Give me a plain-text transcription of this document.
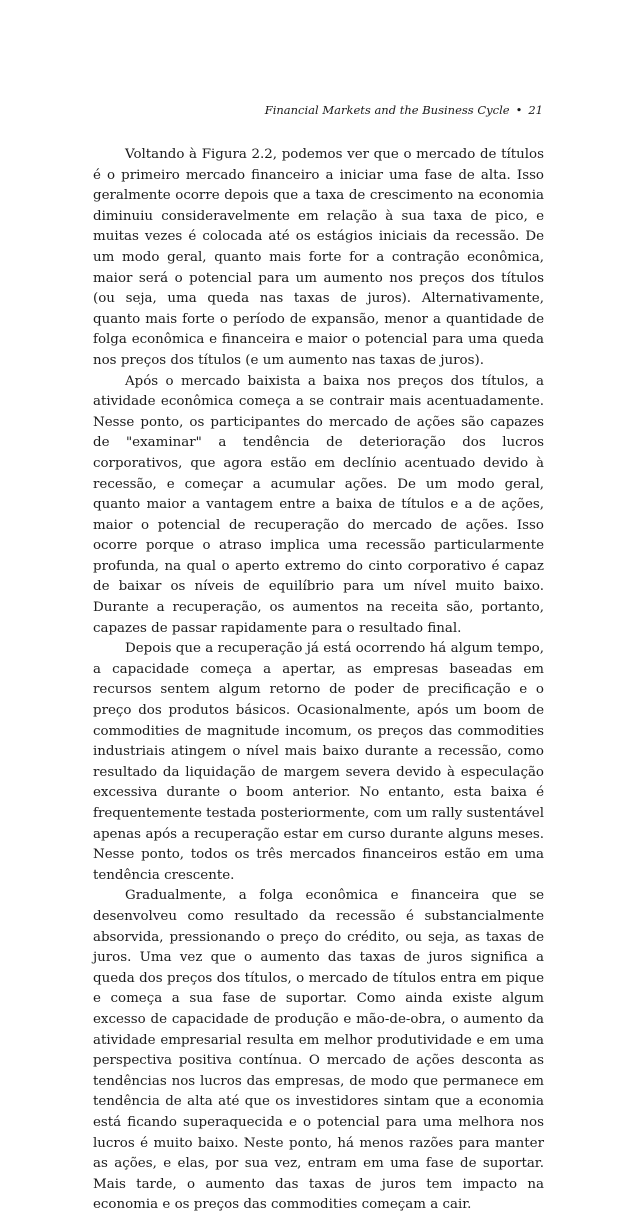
Financial Markets and the Business Cycle • 21

Voltando à Figura 2.2, podemos ver que o mercado de títulos é o primeiro mercado financeiro a iniciar uma fase de alta. Isso geralmente ocorre depois que a taxa de crescimento na economia diminuiu consideravelmente em relação à sua taxa de pico, e muitas vezes é colocada até os estágios iniciais da recessão. De um modo geral, quanto mais forte for a contração econômica, maior será o potencial para um aumento nos preços dos títulos (ou seja, uma queda nas taxas de juros). Alternativamente, quanto mais forte o período de expansão, menor a quantidade de folga econômica e financeira e maior o potencial para uma queda nos preços dos títulos (e um aumento nas taxas de juros).

Após o mercado baixista a baixa nos preços dos títulos, a atividade econômica começa a se contrair mais acentuadamente. Nesse ponto, os participantes do mercado de ações são capazes de "examinar" a tendência de deterioração dos lucros corporativos, que agora estão em declínio acentuado devido à recessão, e começar a acumular ações. De um modo geral, quanto maior a vantagem entre a baixa de títulos e a de ações, maior o potencial de recuperação do mercado de ações. Isso ocorre porque o atraso implica uma recessão particularmente profunda, na qual o aperto extremo do cinto corporativo é capaz de baixar os níveis de equilíbrio para um nível muito baixo. Durante a recuperação, os aumentos na receita são, portanto, capazes de passar rapidamente para o resultado final.

Depois que a recuperação já está ocorrendo há algum tempo, a capacidade começa a apertar, as empresas baseadas em recursos sentem algum retorno de poder de precificação e o preço dos produtos básicos. Ocasionalmente, após um boom de commodities de magnitude incomum, os preços das commodities industriais atingem o nível mais baixo durante a recessão, como resultado da liquidação de margem severa devido à especulação excessiva durante o boom anterior. No entanto, esta baixa é frequentemente testada posteriormente, com um rally sustentável apenas após a recuperação estar em curso durante alguns meses. Nesse ponto, todos os três mercados financeiros estão em uma tendência crescente.

Gradualmente, a folga econômica e financeira que se desenvolveu como resultado da recessão é substancialmente absorvida, pressionando o preço do crédito, ou seja, as taxas de juros. Uma vez que o aumento das taxas de juros significa a queda dos preços dos títulos, o mercado de títulos entra em pique e começa a sua fase de suportar. Como ainda existe algum excesso de capacidade de produção e mão-de-obra, o aumento da atividade empresarial resulta em melhor produtividade e em uma perspectiva positiva contínua. O mercado de ações desconta as tendências nos lucros das empresas, de modo que permanece em tendência de alta até que os investidores sintam que a economia está ficando superaquecida e o potencial para uma melhora nos lucros é muito baixo. Neste ponto, há menos razões para manter as ações, e elas, por sua vez, entram em uma fase de suportar. Mais tarde, o aumento das taxas de juros tem impacto na economia e os preços das commodities começam a cair.
